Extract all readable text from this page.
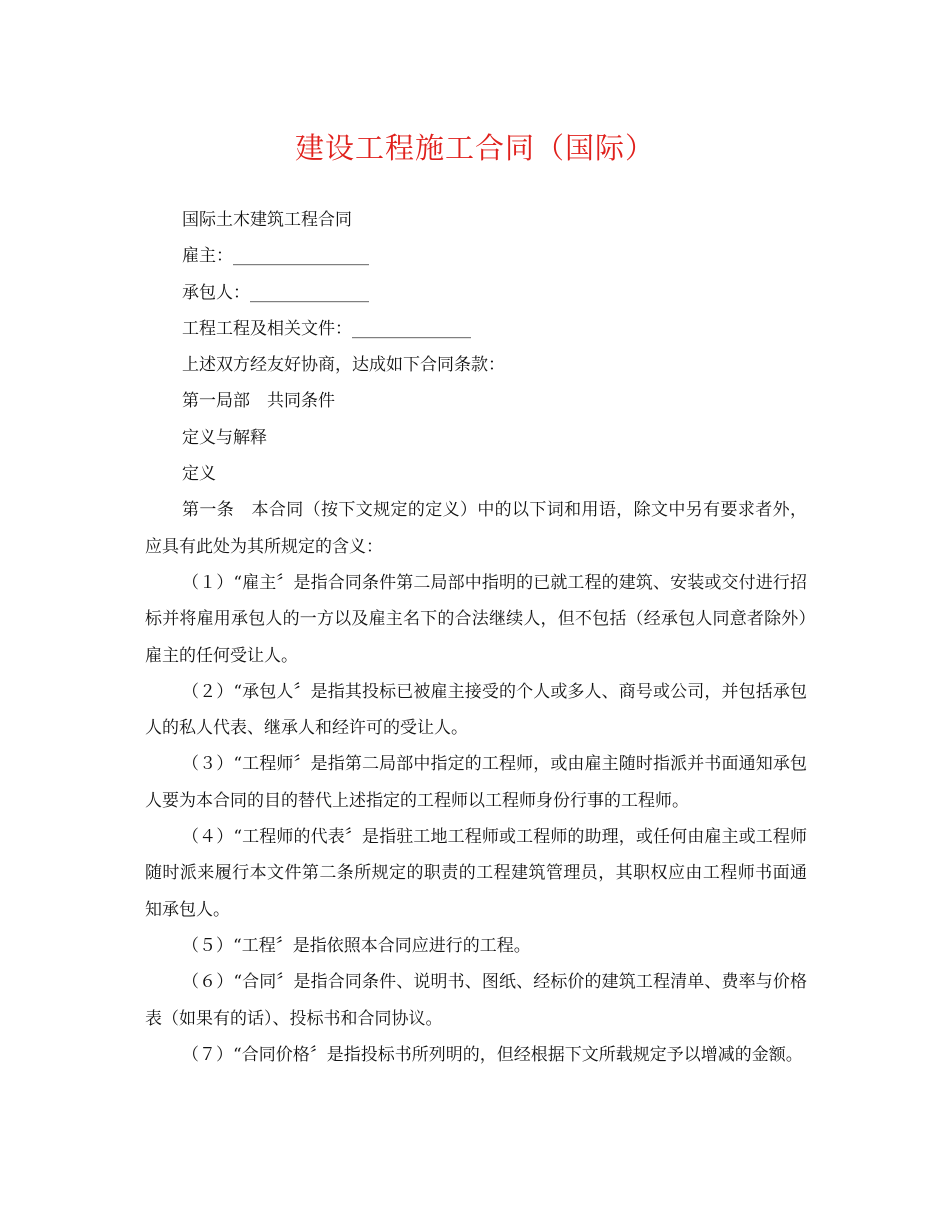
建设工程施工合同（国际）

国际土木建筑工程合同

雇主：________________

承包人：______________

工程工程及相关文件：______________

上述双方经友好协商，达成如下合同条款：

第一局部　共同条件

定义与解释

定义

第一条　本合同（按下文规定的定义）中的以下词和用语，除文中另有要求者外，应具有此处为其所规定的含义：

（１）“雇主〞是指合同条件第二局部中指明的已就工程的建筑、安装或交付进行招标并将雇用承包人的一方以及雇主名下的合法继续人，但不包括（经承包人同意者除外）雇主的任何受让人。

（２）“承包人〞是指其投标已被雇主接受的个人或多人、商号或公司，并包括承包人的私人代表、继承人和经许可的受让人。

（３）“工程师〞是指第二局部中指定的工程师，或由雇主随时指派并书面通知承包人要为本合同的目的替代上述指定的工程师以工程师身份行事的工程师。

（４）“工程师的代表〞是指驻工地工程师或工程师的助理，或任何由雇主或工程师随时派来履行本文件第二条所规定的职责的工程建筑管理员，其职权应由工程师书面通知承包人。

（５）“工程〞是指依照本合同应进行的工程。

（６）“合同〞是指合同条件、说明书、图纸、经标价的建筑工程清单、费率与价格表（如果有的话）、投标书和合同协议。

（７）“合同价格〞是指投标书所列明的，但经根据下文所载规定予以增减的金额。
